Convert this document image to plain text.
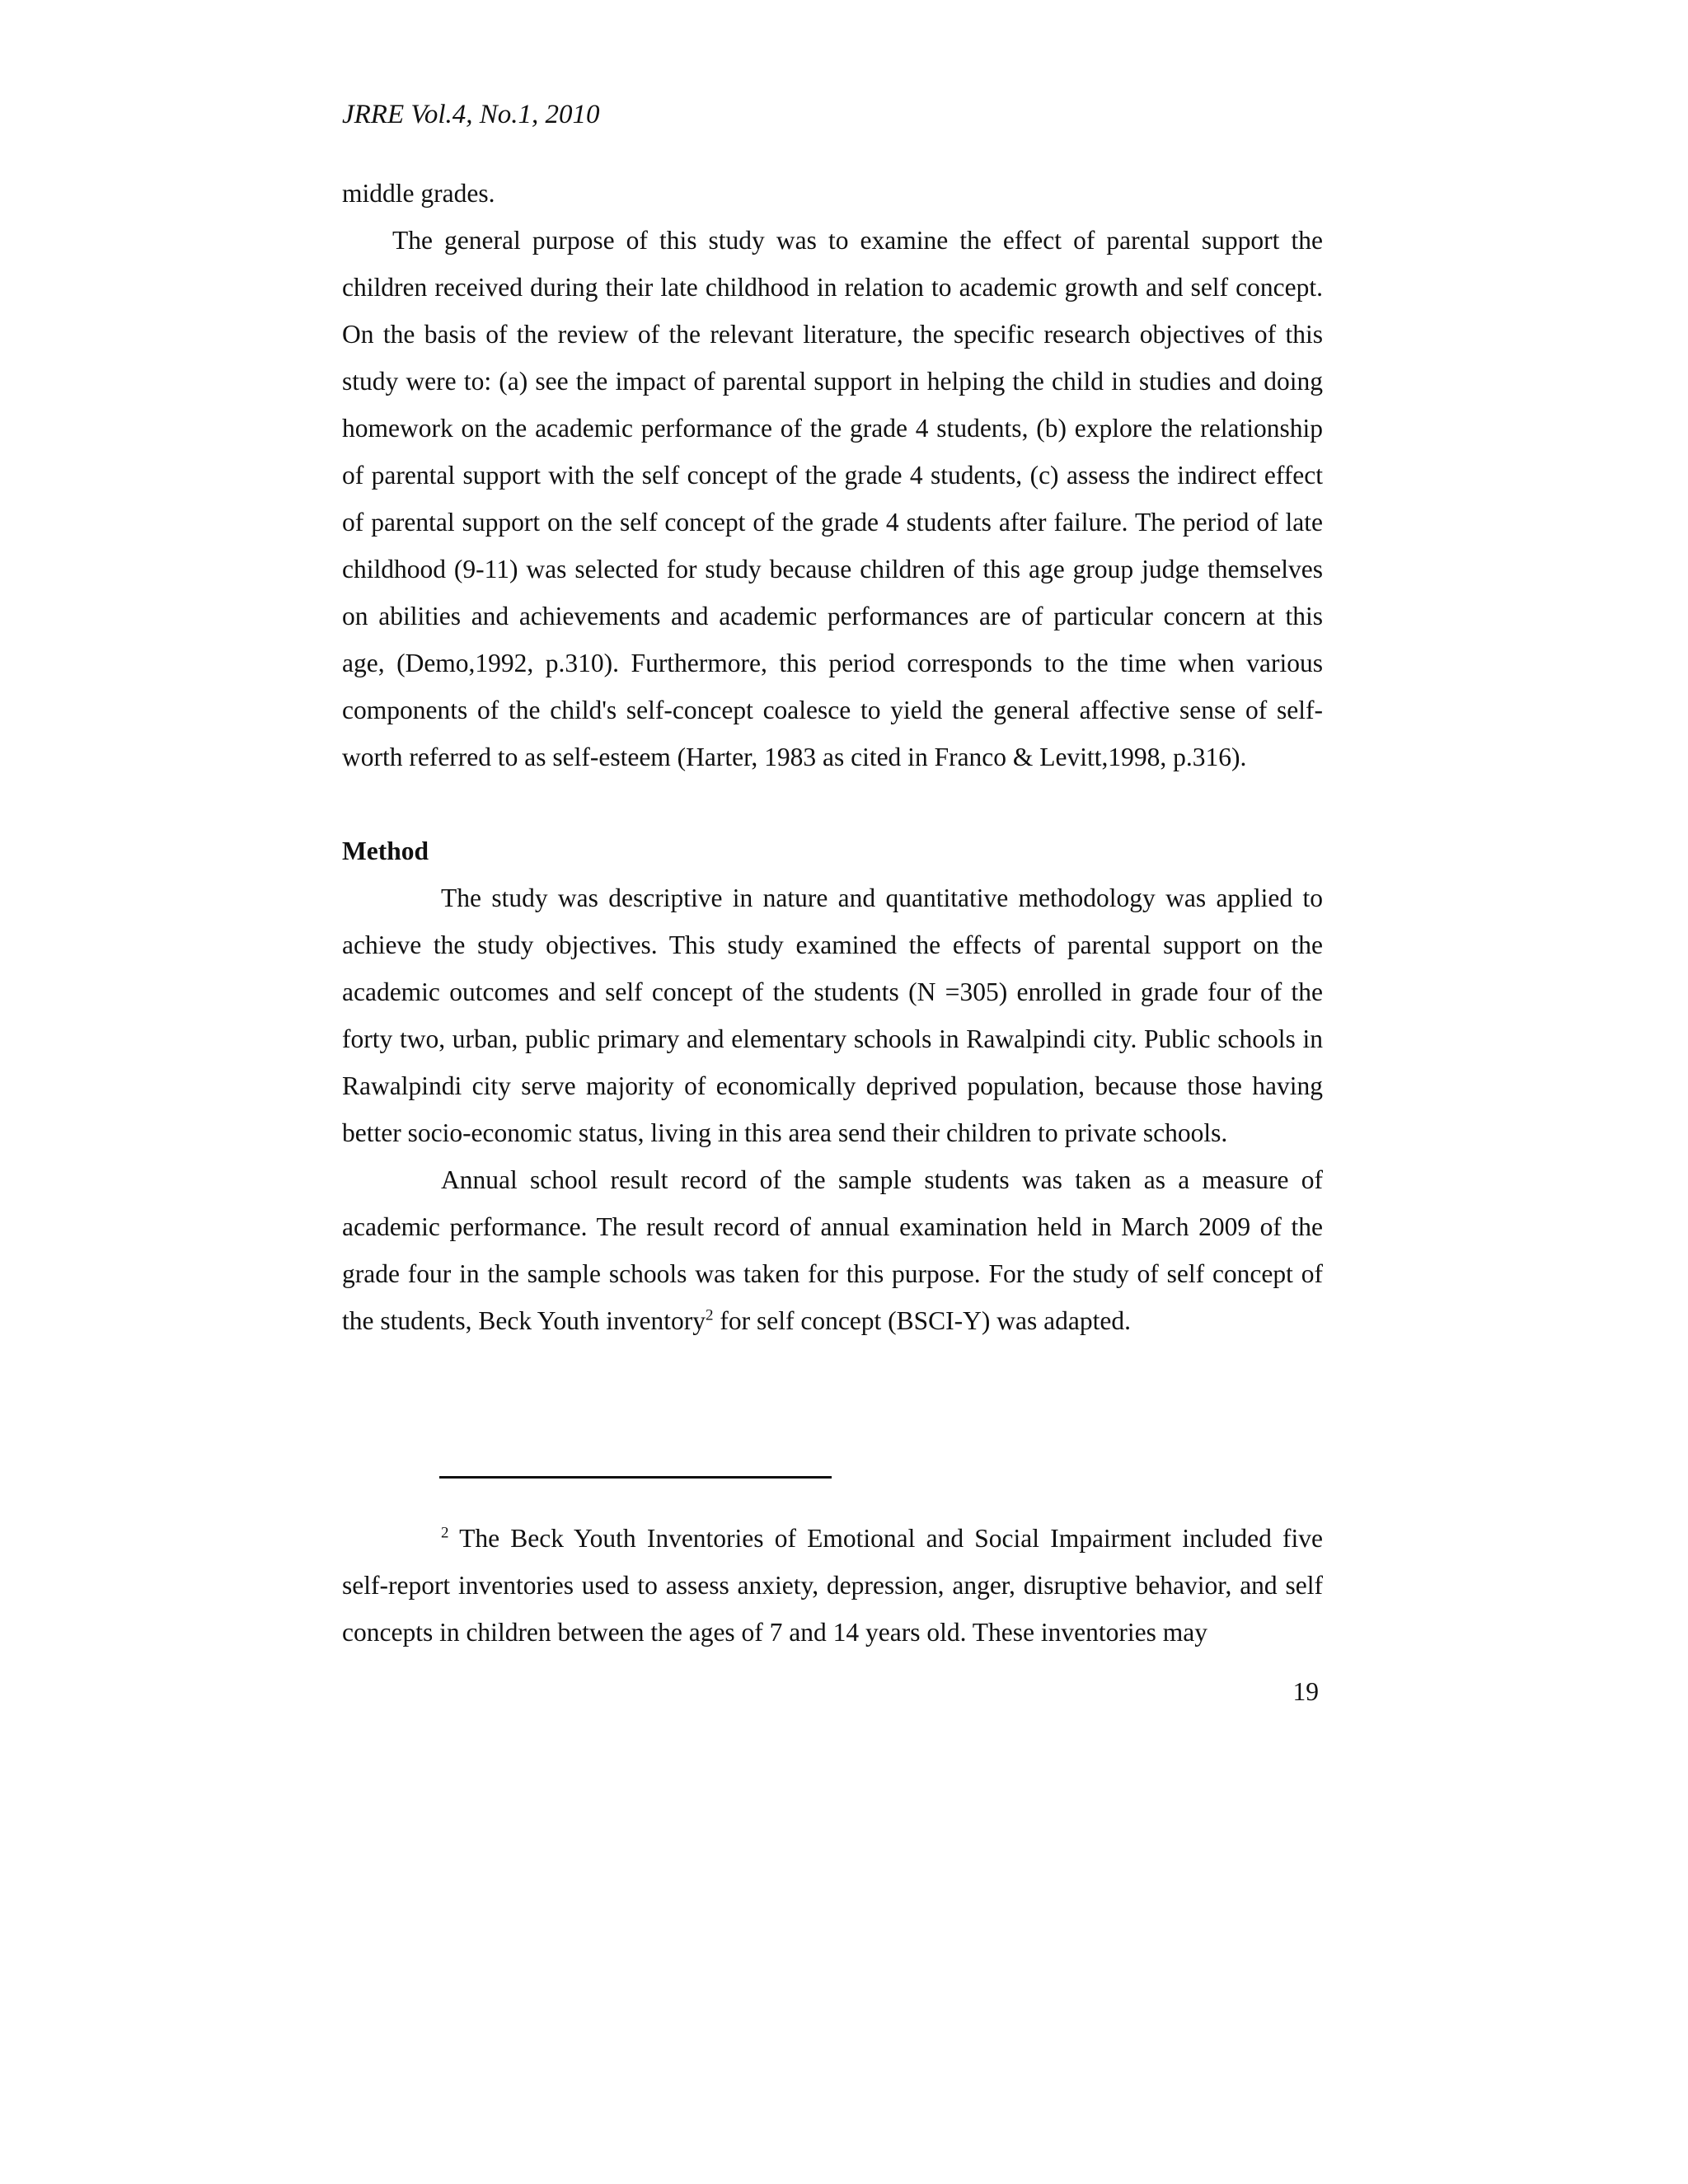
JRRE Vol.4, No.1, 2010

middle grades.

The general purpose of this study was to examine the effect of parental support the children received during their late childhood in relation to academic growth and self concept. On the basis of the review of the relevant literature, the specific research objectives of this study were to: (a) see the impact of parental support in helping the child in studies and doing homework on the academic performance of the grade 4 students, (b) explore the relationship of parental support with the self concept of the grade 4 students, (c) assess the indirect effect of parental support on the self concept of the grade 4 students after failure. The period of late childhood (9-11) was selected for study because children of this age group judge themselves on abilities and achievements and academic performances are of particular concern at this age, (Demo,1992, p.310). Furthermore, this period corresponds to the time when various components of the child's self-concept coalesce to yield the general affective sense of self-worth referred to as self-esteem (Harter, 1983 as cited in Franco & Levitt,1998, p.316).

Method

The study was descriptive in nature and quantitative methodology was applied to achieve the study objectives. This study examined the effects of parental support on the academic outcomes and self concept of the students (N =305) enrolled in grade four of the forty two, urban, public primary and elementary schools in Rawalpindi city. Public schools in Rawalpindi city serve majority of economically deprived population, because those having better socio-economic status, living in this area send their children to private schools.

Annual school result record of the sample students was taken as a measure of academic performance. The result record of annual examination held in March 2009 of the grade four in the sample schools was taken for this purpose. For the study of self concept of the students, Beck Youth inventory$^2$ for self concept (BSCI-Y) was adapted.

$^2$ The Beck Youth Inventories of Emotional and Social Impairment included five self-report inventories used to assess anxiety, depression, anger, disruptive behavior, and self concepts in children between the ages of 7 and 14 years old. These inventories may

19
